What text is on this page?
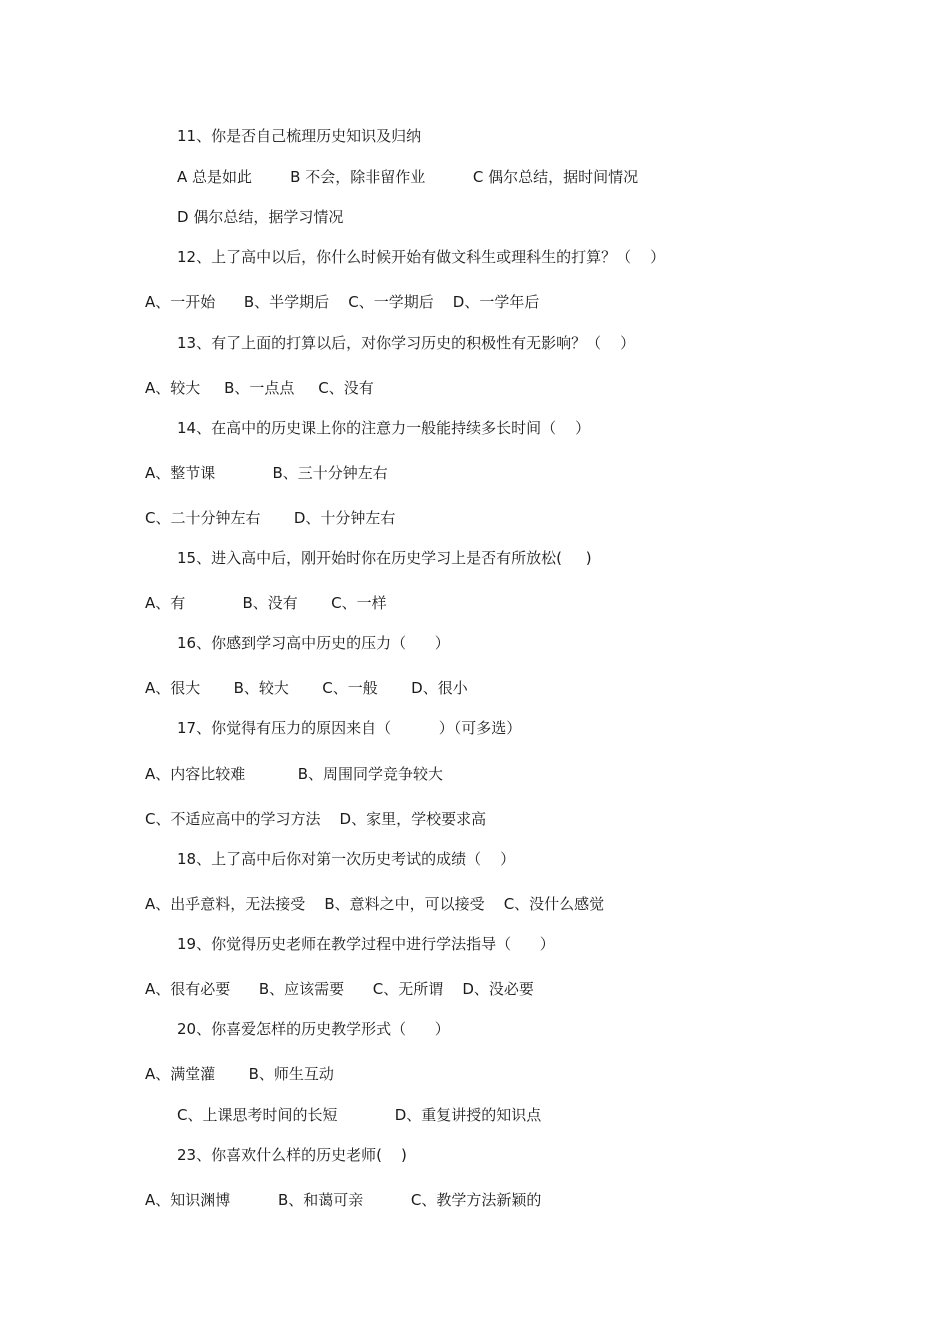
11、你是否自己梳理历史知识及归纳
A 总是如此        B 不会，除非留作业          C 偶尔总结，据时间情况
D 偶尔总结，据学习情况
12、上了高中以后，你什么时候开始有做文科生或理科生的打算？（    ）
A、一开始      B、半学期后    C、一学期后    D、一学年后
13、有了上面的打算以后，对你学习历史的积极性有无影响？（    ）
A、较大     B、一点点     C、没有
14、在高中的历史课上你的注意力一般能持续多长时间（    ）
A、整节课            B、三十分钟左右
C、二十分钟左右       D、十分钟左右
15、进入高中后，刚开始时你在历史学习上是否有所放松(     )
A、有            B、没有       C、一样
16、你感到学习高中历史的压力（      ）
A、很大       B、较大       C、一般       D、很小
17、你觉得有压力的原因来自（          ）（可多选）
A、内容比较难           B、周围同学竞争较大
C、不适应高中的学习方法    D、家里，学校要求高
18、上了高中后你对第一次历史考试的成绩（    ）
A、出乎意料，无法接受    B、意料之中，可以接受    C、没什么感觉
19、你觉得历史老师在教学过程中进行学法指导（      ）
A、很有必要      B、应该需要      C、无所谓    D、没必要
20、你喜爱怎样的历史教学形式（      ）
A、满堂灌       B、师生互动
C、上课思考时间的长短            D、重复讲授的知识点
23、你喜欢什么样的历史老师(    )
A、知识渊博          B、和蔼可亲          C、教学方法新颖的
